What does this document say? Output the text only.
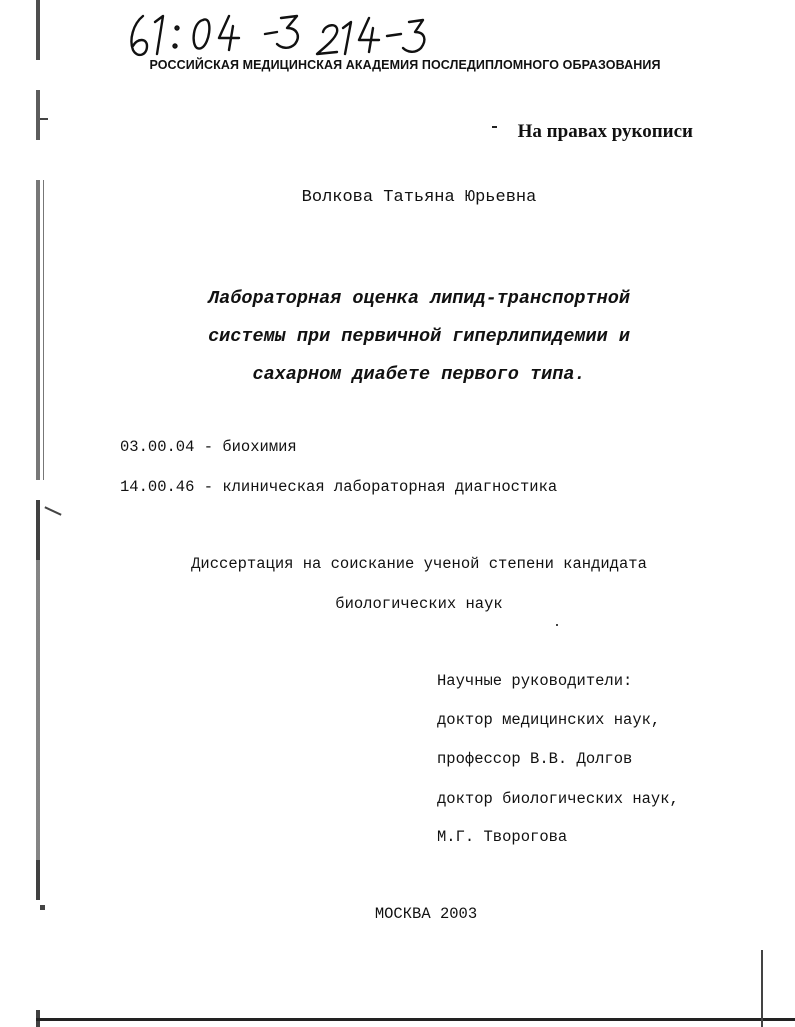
РОССИЙСКАЯ МЕДИЦИНСКАЯ АКАДЕМИЯ ПОСЛЕДИПЛОМНОГО ОБРАЗОВАНИЯ
На правах рукописи
Волкова Татьяна Юрьевна
Лабораторная оценка липид-транспортной
системы при первичной гиперлипидемии и
сахарном диабете первого типа.
03.00.04 - биохимия
14.00.46 - клиническая лабораторная диагностика
Диссертация на соискание ученой степени кандидата
биологических наук
Научные руководители:
доктор медицинских наук,
профессор В.В. Долгов
доктор биологических наук,
М.Г. Творогова
МОСКВА 2003
